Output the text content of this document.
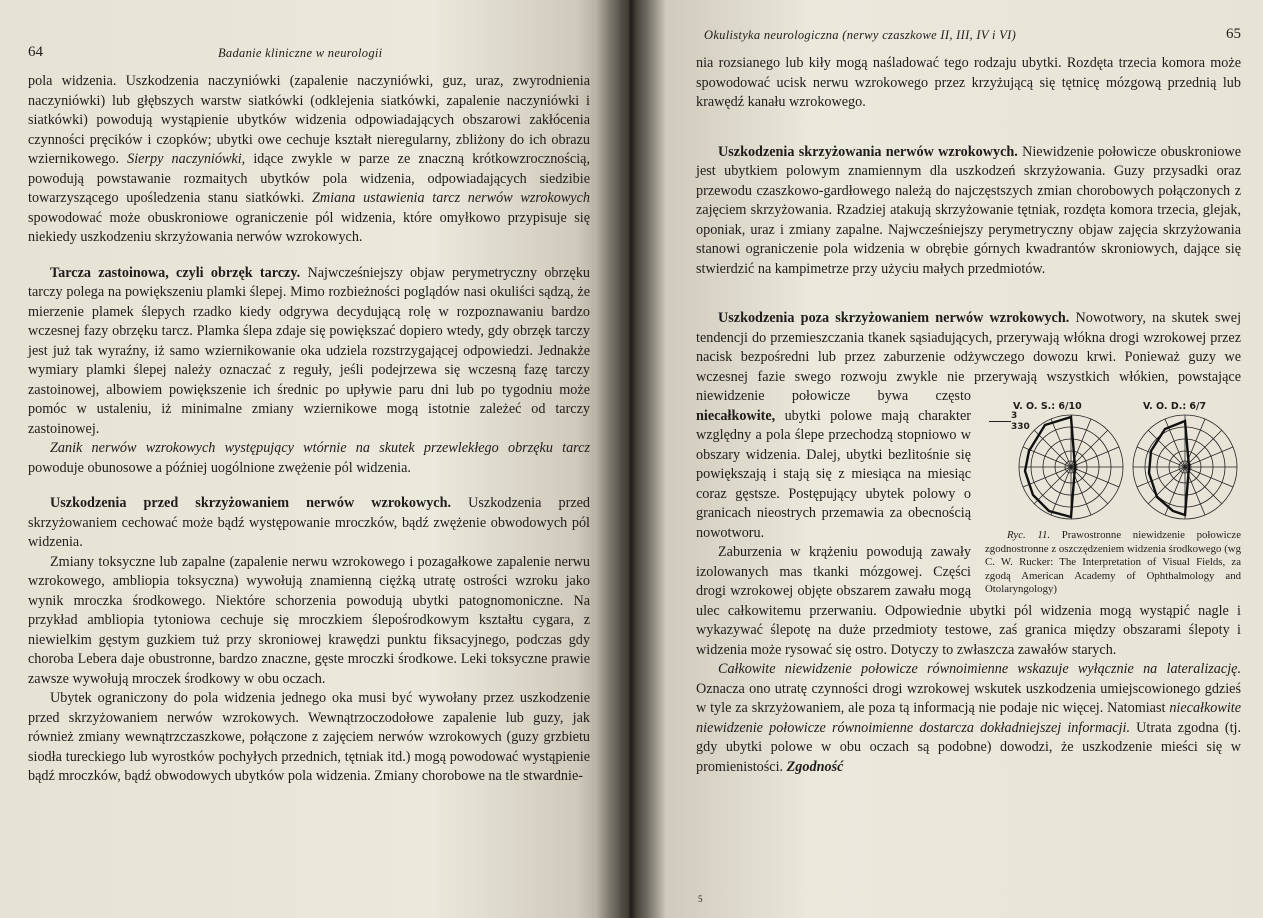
64	Badanie kliniczne w neurologii

pola widzenia. Uszkodzenia naczyniówki (zapalenie naczyniówki, guz, uraz, zwyrodnienia naczyniówki) lub głębszych warstw siatkówki (odklejenia siatkówki, zapalenie naczyniówki i siatkówki) powodują wystąpienie ubytków widzenia odpowiadających obszarowi zakłócenia czynności pręcików i czopków; ubytki owe cechuje kształt nieregularny, zbliżony do ich obrazu wziernikowego. Sierpy naczyniówki, idące zwykle w parze ze znaczną krótkowzrocznością, powodują powstawanie rozmaitych ubytków pola widzenia, odpowiadających siedzibie towarzyszącego upośledzenia stanu siatkówki. Zmiana ustawienia tarcz nerwów wzrokowych spowodować może obuskroniowe ograniczenie pól widzenia, które omyłkowo przypisuje się niekiedy uszkodzeniu skrzyżowania nerwów wzrokowych.

Tarcza zastoinowa, czyli obrzęk tarczy. Najwcześniejszy objaw perymetryczny obrzęku tarczy polega na powiększeniu plamki ślepej. Mimo rozbieżności poglądów nasi okuliści sądzą, że mierzenie plamek ślepych rzadko kiedy odgrywa decydującą rolę w rozpoznawaniu bardzo wczesnej fazy obrzęku tarcz. Plamka ślepa zdaje się powiększać dopiero wtedy, gdy obrzęk tarczy jest już tak wyraźny, iż samo wziernikowanie oka udziela rozstrzygającej odpowiedzi. Jednakże wymiary plamki ślepej należy oznaczać z reguły, jeśli podejrzewa się wczesną fazę tarczy zastoinowej, albowiem powiększenie ich średnic po upływie paru dni lub po tygodniu może pomóc w ustaleniu, iż minimalne zmiany wziernikowe mogą istotnie zależeć od tarczy zastoinowej.

Zanik nerwów wzrokowych występujący wtórnie na skutek przewlekłego obrzęku tarcz powoduje obunosowe a później uogólnione zwężenie pól widzenia.

Uszkodzenia przed skrzyżowaniem nerwów wzrokowych. Uszkodzenia przed skrzyżowaniem cechować może bądź występowanie mroczków, bądź zwężenie obwodowych pól widzenia.

Zmiany toksyczne lub zapalne (zapalenie nerwu wzrokowego i pozagałkowe zapalenie nerwu wzrokowego, ambliopia toksyczna) wywołują znamienną ciężką utratę ostrości wzroku jako wynik mroczka środkowego. Niektóre schorzenia powodują ubytki patognomoniczne. Na przykład ambliopia tytoniowa cechuje się mroczkiem ślepośrodkowym kształtu cygara, z niewielkim gęstym guzkiem tuż przy skroniowej krawędzi punktu fiksacyjnego, podczas gdy choroba Lebera daje obustronne, bardzo znaczne, gęste mroczki środkowe. Leki toksyczne prawie zawsze wywołują mroczek środkowy w obu oczach.

Ubytek ograniczony do pola widzenia jednego oka musi być wywołany przez uszkodzenie przed skrzyżowaniem nerwów wzrokowych. Wewnątrzoczodołowe zapalenie lub guzy, jak również zmiany wewnątrzczaszkowe, połączone z zajęciem nerwów wzrokowych (guzy grzbietu siodła tureckiego lub wyrostków pochyłych przednich, tętniak itd.) mogą powodować wystąpienie bądź mroczków, bądź obwodowych ubytków pola widzenia. Zmiany chorobowe na tle stwardnie-

Okulistyka neurologiczna (nerwy czaszkowe II, III, IV i VI)	65

nia rozsianego lub kiły mogą naśladować tego rodzaju ubytki. Rozdęta trzecia komora może spowodować ucisk nerwu wzrokowego przez krzyżującą się tętnicę mózgową przednią lub krawędź kanału wzrokowego.

Uszkodzenia skrzyżowania nerwów wzrokowych. Niewidzenie połowicze obuskroniowe jest ubytkiem polowym znamiennym dla uszkodzeń skrzyżowania. Guzy przysadki oraz przewodu czaszkowo-gardłowego należą do najczęstszych zmian chorobowych połączonych z zajęciem skrzyżowania. Rzadziej atakują skrzyżowanie tętniak, rozdęta komora trzecia, glejak, oponiak, uraz i zmiany zapalne. Najwcześniejszy perymetryczny objaw zajęcia skrzyżowania stanowi ograniczenie pola widzenia w obrębie górnych kwadrantów skroniowych, dające się stwierdzić na kampimetrze przy użyciu małych przedmiotów.

Uszkodzenia poza skrzyżowaniem nerwów wzrokowych. Nowotwory, na skutek swej tendencji do przemieszczania tkanek sąsiadujących, przerywają włókna drogi wzrokowej przez nacisk bezpośredni lub przez zaburzenie odżywczego dowozu krwi. Ponieważ guzy we wczesnej fazie swego rozwoju zwykle nie przerywają wszystkich włókien, powstające niewidzenie połowicze bywa często
V. O. S.: 6/10	V. O. D.: 6/7
$\frac{3}{330}$
Ryc. 11. Prawostronne niewidzenie połowicze zgodnostronne z oszczędzeniem widzenia środkowego (wg C. W. Rucker: The Interpretation of Visual Fields, za zgodą American Academy of Ophthalmology and Otolaryngology)
niecałkowite, ubytki polowe mają charakter względny a pola ślepe przechodzą stopniowo w obszary widzenia. Dalej, ubytki bezlitośnie się powiększają i stają się z miesiąca na miesiąc coraz gęstsze. Postępujący ubytek polowy o granicach nieostrych przemawia za obecnością nowotworu.

Zaburzenia w krążeniu powodują zawały izolowanych mas tkanki mózgowej. Części drogi wzrokowej objęte obszarem zawału mogą ulec całkowitemu przerwaniu. Odpowiednie ubytki pól widzenia mogą wystąpić nagle i wykazywać ślepotę na duże przedmioty testowe, zaś granica między obszarami ślepoty i widzenia może rysować się ostro. Dotyczy to zwłaszcza zawałów starych.

Całkowite niewidzenie połowicze równoimienne wskazuje wyłącznie na lateralizację. Oznacza ono utratę czynności drogi wzrokowej wskutek uszkodzenia umiejscowionego gdzieś w tyle za skrzyżowaniem, ale poza tą informacją nie podaje nic więcej. Natomiast niecałkowite niewidzenie połowicze równoimienne dostarcza dokładniejszej informacji. Utrata zgodna (tj. gdy ubytki polowe w obu oczach są podobne) dowodzi, że uszkodzenie mieści się w promienistości. Zgodność

5
